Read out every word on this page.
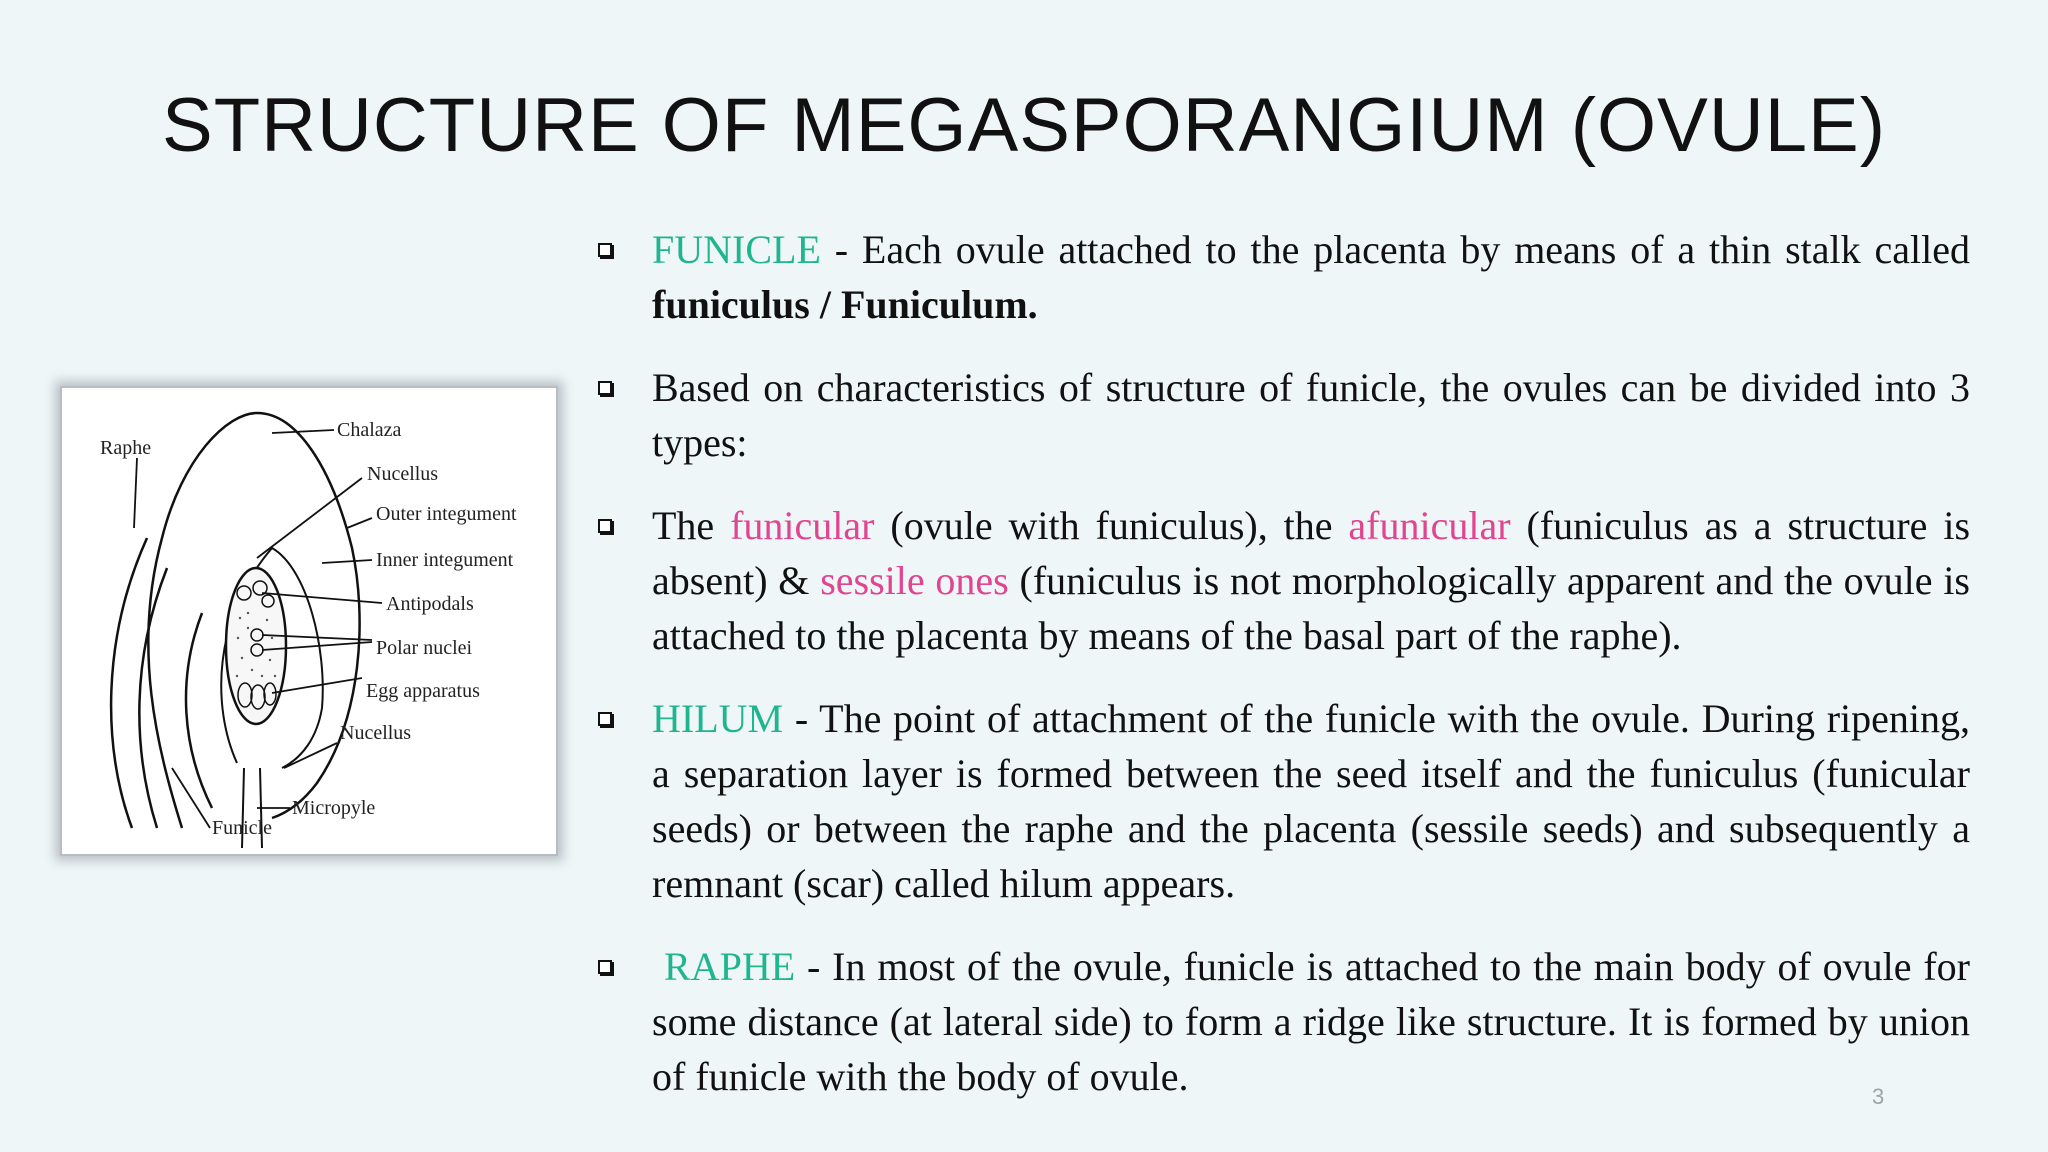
STRUCTURE OF MEGASPORANGIUM (OVULE)
Raphe
Chalaza
Nucellus
Outer integument
Inner integument
Antipodals
Polar nuclei
Egg apparatus
Nucellus
Micropyle
Funicle
FUNICLE - Each ovule attached to the placenta by means of a thin stalk called funiculus / Funiculum.
Based on characteristics of structure of funicle, the ovules can be divided into 3 types:
The funicular (ovule with funiculus), the afunicular (funiculus as a structure is absent) & sessile ones (funiculus is not morphologically apparent and the ovule is attached to the placenta by means of the basal part of the raphe).
HILUM - The point of attachment of the funicle with the ovule. During ripening, a separation layer is formed between the seed itself and the funiculus (funicular seeds) or between the raphe and the placenta (sessile seeds) and subsequently a remnant (scar) called hilum appears.
RAPHE - In most of the ovule, funicle is attached to the main body of ovule for some distance (at lateral side) to form a ridge like structure. It is formed by union of funicle with the body of ovule.	3
